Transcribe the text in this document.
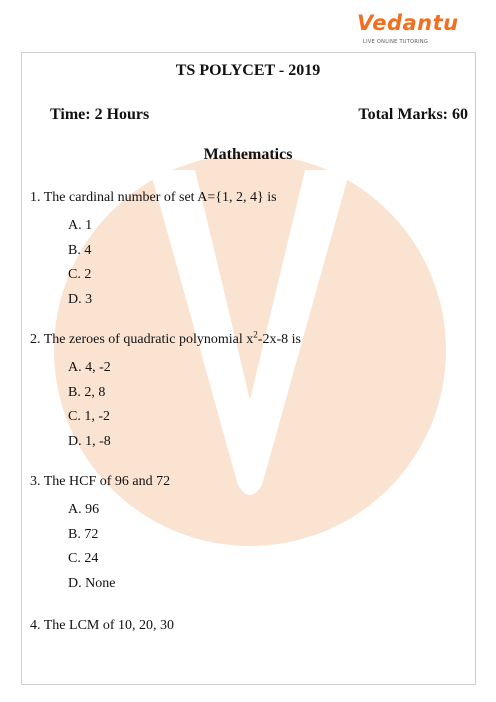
Vedantu
LIVE ONLINE TUTORING
TS POLYCET - 2019
Time: 2 Hours	Total Marks: 60
Mathematics
1. The cardinal number of set A={1, 2, 4} is
A. 1
B. 4
C. 2
D. 3
2. The zeroes of quadratic polynomial $x^2-2x-8$ is
A. 4, -2
B. 2, 8
C. 1, -2
D. 1, -8
3. The HCF of 96 and 72
A. 96
B. 72
C. 24
D. None
4. The LCM of 10, 20, 30
